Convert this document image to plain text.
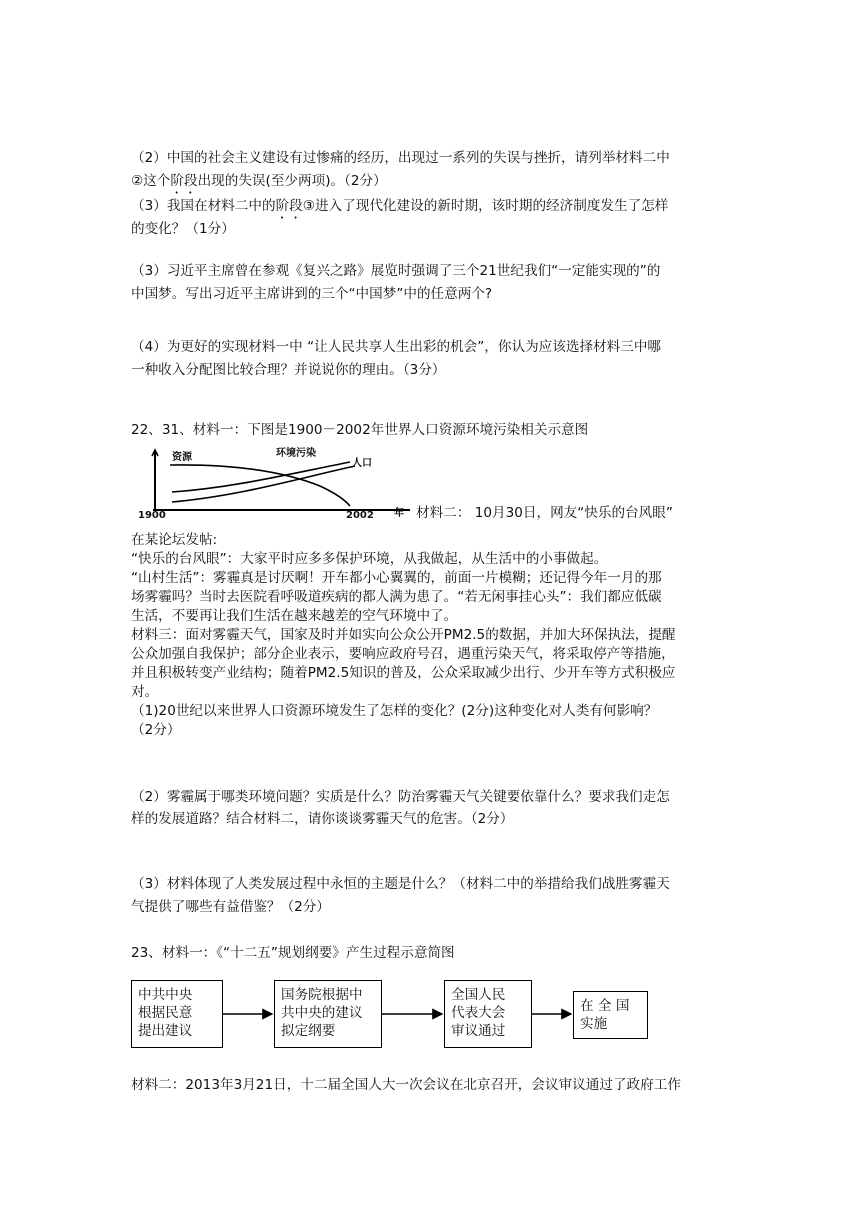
（2）中国的社会主义建设有过惨痛的经历，出现过一系列的失误与挫折，请列举材料二中
②这个阶段出现的失误(至少两项)。（2分）
（3）我国在材料二中的阶段③进入了现代化建设的新时期，该时期的经济制度发生了怎样
的变化？（1分）
（3）习近平主席曾在参观《复兴之路》展览时强调了三个21世纪我们“一定能实现的”的
中国梦。写出习近平主席讲到的三个“中国梦”中的任意两个?
（4）为更好的实现材料一中 “让人民共享人生出彩的机会”，你认为应该选择材料三中哪
一种收入分配图比较合理？并说说你的理由。（3分）
22、31、材料一：下图是1900－2002年世界人口资源环境污染相关示意图
资源	环境污染
人口
1900	2002 年 材料二： 10月30日，网友“快乐的台风眼”
在某论坛发帖:
“快乐的台风眼”：大家平时应多多保护环境，从我做起，从生活中的小事做起。
“山村生活”：雾霾真是讨厌啊！开车都小心翼翼的，前面一片模糊；还记得今年一月的那
场雾霾吗？当时去医院看呼吸道疾病的都人满为患了。“若无闲事挂心头”：我们都应低碳
生活，不要再让我们生活在越来越差的空气环境中了。
材料三：面对雾霾天气，国家及时并如实向公众公开PM2.5的数据，并加大环保执法，提醒
公众加强自我保护；部分企业表示，要响应政府号召，遇重污染天气，将采取停产等措施，
并且积极转变产业结构；随着PM2.5知识的普及，公众采取减少出行、少开车等方式积极应
对。
（1)20世纪以来世界人口资源环境发生了怎样的变化？(2分)这种变化对人类有何影响？
（2分）
（2）雾霾属于哪类环境问题？实质是什么？防治雾霾天气关键要依靠什么？要求我们走怎
样的发展道路？结合材料二，请你谈谈雾霾天气的危害。（2分）
（3）材料体现了人类发展过程中永恒的主题是什么？（材料二中的举措给我们战胜雾霾天
气提供了哪些有益借鉴？（2分）
23、材料一：《“十二五”规划纲要》产生过程示意简图
中共中央
根据民意
提出建议
国务院根据中
共中央的建议
拟定纲要
全国人民
代表大会
审议通过
在 全 国
实施
材料二：2013年3月21日，十二届全国人大一次会议在北京召开，会议审议通过了政府工作
